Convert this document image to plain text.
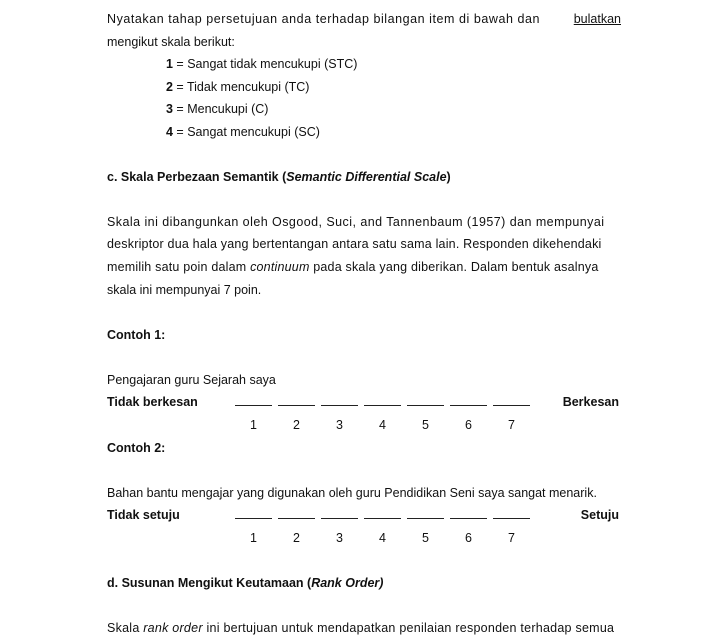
Nyatakan tahap persetujuan anda terhadap bilangan item di bawah dan	bulatkan
mengikut skala berikut:
1 = Sangat tidak mencukupi (STC)
2 = Tidak mencukupi (TC)
3 = Mencukupi (C)
4 = Sangat mencukupi (SC)
c. Skala Perbezaan Semantik (Semantic Differential Scale)
Skala ini dibangunkan oleh Osgood, Suci, and Tannenbaum (1957) dan mempunyai
deskriptor dua hala yang bertentangan antara satu sama lain. Responden dikehendaki
memilih satu poin dalam continuum pada skala yang diberikan. Dalam bentuk asalnya
skala ini mempunyai 7 poin.
Contoh 1:
Pengajaran guru Sejarah saya
Tidak berkesan	Berkesan
1	2	3	4	5	6	7
Contoh 2:
Bahan bantu mengajar yang digunakan oleh guru Pendidikan Seni saya sangat menarik.
Tidak setuju	Setuju
1	2	3	4	5	6	7
d. Susunan Mengikut Keutamaan (Rank Order)
Skala rank order ini bertujuan untuk mendapatkan penilaian responden terhadap semua
